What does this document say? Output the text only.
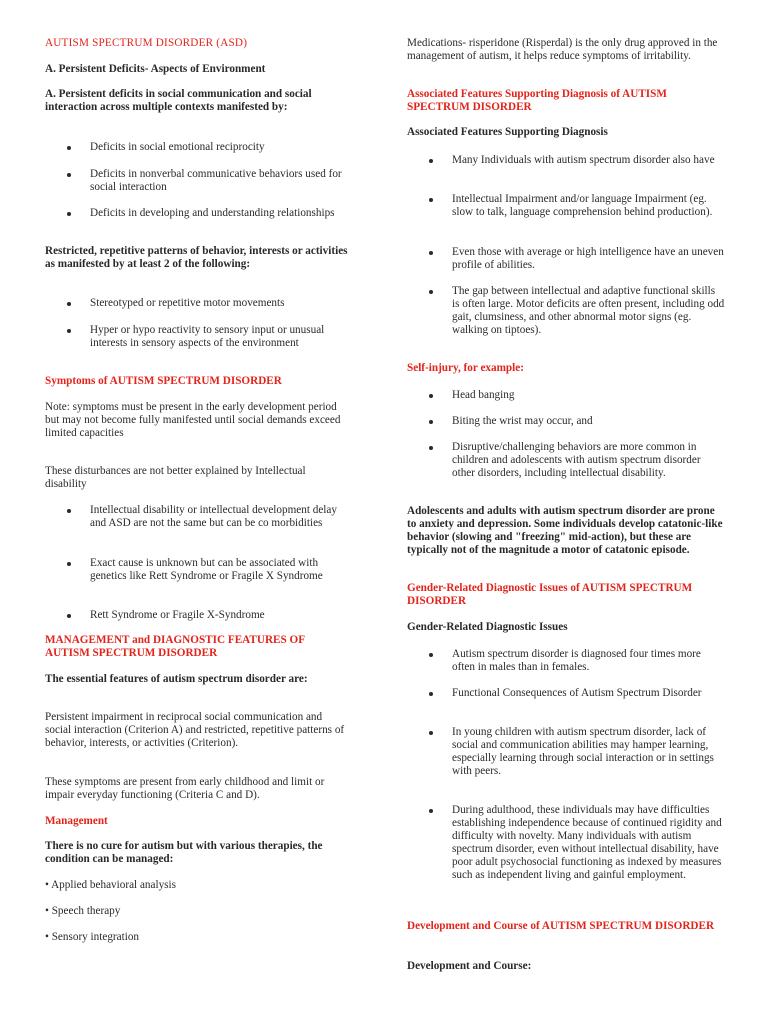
AUTISM SPECTRUM DISORDER (ASD)
A. Persistent Deficits- Aspects of Environment
A. Persistent deficits in social communication and social interaction across multiple contexts manifested by:
Deficits in social emotional reciprocity
Deficits in nonverbal communicative behaviors used for social interaction
Deficits in developing and understanding relationships
Restricted, repetitive patterns of behavior, interests or activities as manifested by at least 2 of the following:
Stereotyped or repetitive motor movements
Hyper or hypo reactivity to sensory input or unusual interests in sensory aspects of the environment
Symptoms of AUTISM SPECTRUM DISORDER
Note: symptoms must be present in the early development period but may not become fully manifested until social demands exceed limited capacities
These disturbances are not better explained by Intellectual disability
Intellectual disability or intellectual development delay and ASD are not the same but can be co morbidities
Exact cause is unknown but can be associated with genetics like Rett Syndrome or Fragile X Syndrome
Rett Syndrome or Fragile X-Syndrome
MANAGEMENT and DIAGNOSTIC FEATURES OF AUTISM SPECTRUM DISORDER
The essential features of autism spectrum disorder are:
Persistent impairment in reciprocal social communication and social interaction (Criterion A) and restricted, repetitive patterns of behavior, interests, or activities (Criterion).
These symptoms are present from early childhood and limit or impair everyday functioning (Criteria C and D).
Management
There is no cure for autism but with various therapies, the condition can be managed:
• Applied behavioral analysis
• Speech therapy
• Sensory integration
Medications- risperidone (Risperdal) is the only drug approved in the management of autism, it helps reduce symptoms of irritability.
Associated Features Supporting Diagnosis of AUTISM SPECTRUM DISORDER
Associated Features Supporting Diagnosis
Many Individuals with autism spectrum disorder also have
Intellectual Impairment and/or language Impairment (eg. slow to talk, language comprehension behind production).
Even those with average or high intelligence have an uneven profile of abilities.
The gap between intellectual and adaptive functional skills is often large. Motor deficits are often present, including odd gait, clumsiness, and other abnormal motor signs (eg. walking on tiptoes).
Self-injury, for example:
Head banging
Biting the wrist may occur, and
Disruptive/challenging behaviors are more common in children and adolescents with autism spectrum disorder other disorders, including intellectual disability.
Adolescents and adults with autism spectrum disorder are prone to anxiety and depression. Some individuals develop catatonic-like behavior (slowing and "freezing" mid-action), but these are typically not of the magnitude a motor of catatonic episode.
Gender-Related Diagnostic Issues of AUTISM SPECTRUM DISORDER
Gender-Related Diagnostic Issues
Autism spectrum disorder is diagnosed four times more often in males than in females.
Functional Consequences of Autism Spectrum Disorder
In young children with autism spectrum disorder, lack of social and communication abilities may hamper learning, especially learning through social interaction or in settings with peers.
During adulthood, these individuals may have difficulties establishing independence because of continued rigidity and difficulty with novelty. Many individuals with autism spectrum disorder, even without intellectual disability, have poor adult psychosocial functioning as indexed by measures such as independent living and gainful employment.
Development and Course of AUTISM SPECTRUM DISORDER
Development and Course:
